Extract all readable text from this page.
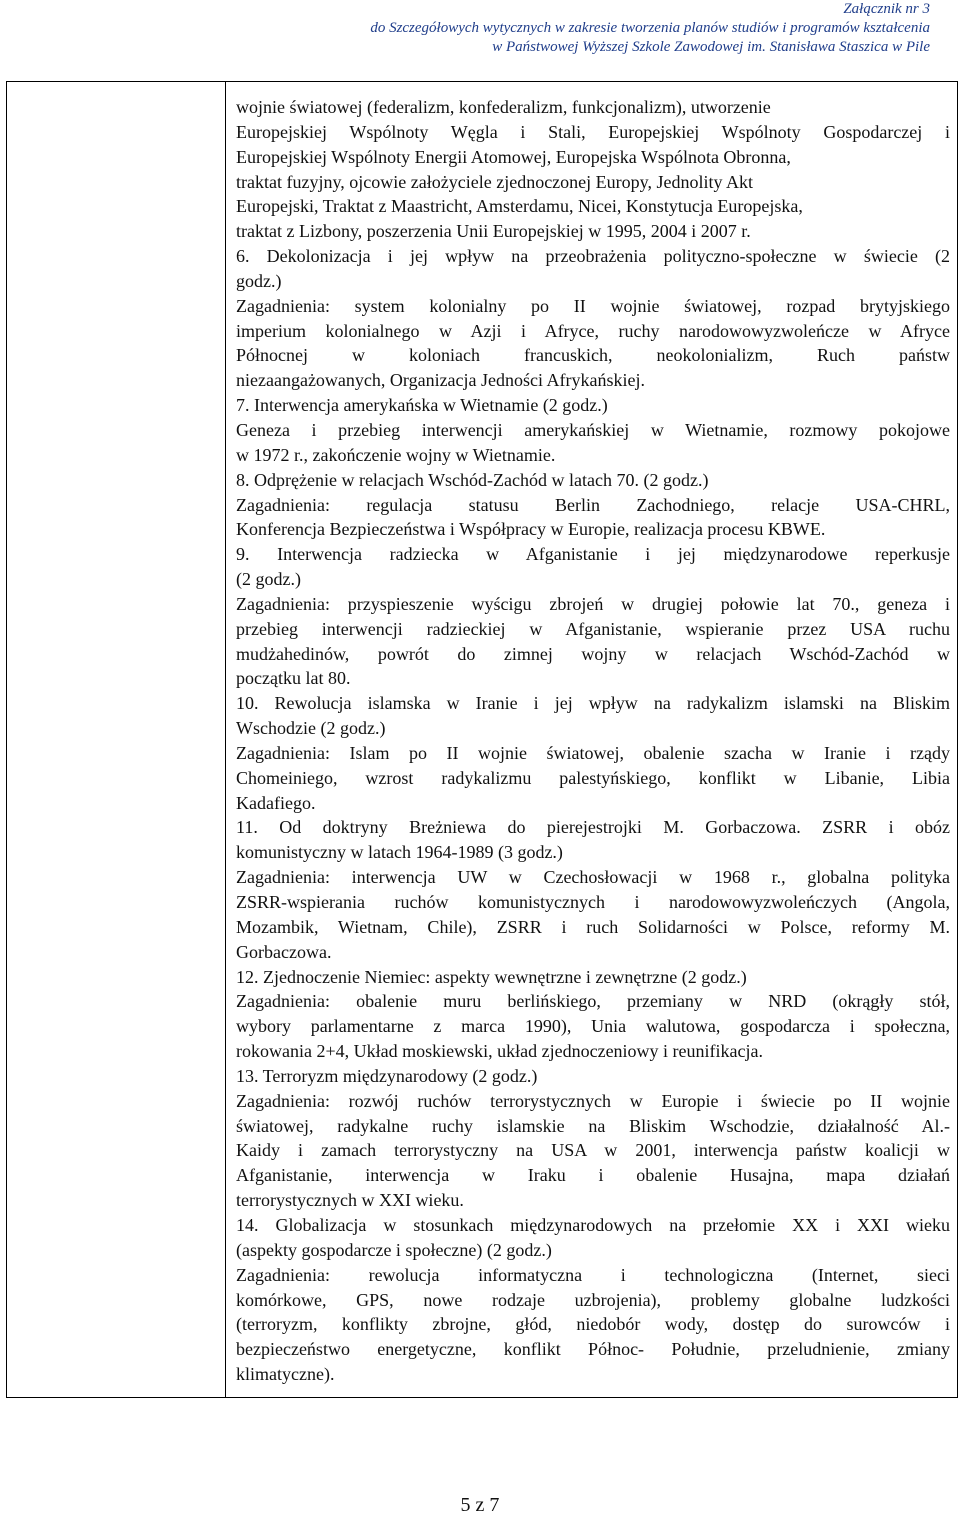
Załącznik nr 3
do Szczegółowych wytycznych w zakresie tworzenia planów studiów i programów kształcenia
w Państwowej Wyższej Szkole Zawodowej im. Stanisława Staszica w Pile
wojnie światowej (federalizm, konfederalizm, funkcjonalizm), utworzenie
Europejskiej Wspólnoty Węgla i Stali, Europejskiej Wspólnoty Gospodarczej i
Europejskiej Wspólnoty Energii Atomowej, Europejska Wspólnota Obronna,
traktat fuzyjny, ojcowie założyciele zjednoczonej Europy, Jednolity Akt
Europejski, Traktat z Maastricht, Amsterdamu, Nicei, Konstytucja Europejska,
traktat z Lizbony, poszerzenia Unii Europejskiej w 1995, 2004 i 2007 r.
6. Dekolonizacja i jej wpływ na przeobrażenia polityczno-społeczne w świecie (2
godz.)
Zagadnienia: system kolonialny po II wojnie światowej, rozpad brytyjskiego
imperium kolonialnego w Azji i Afryce, ruchy narodowowyzwoleńcze w Afryce
Północnej w koloniach francuskich, neokolonializm, Ruch państw
niezaangażowanych, Organizacja Jedności Afrykańskiej.
7. Interwencja amerykańska w Wietnamie (2 godz.)
Geneza i przebieg interwencji amerykańskiej w Wietnamie, rozmowy pokojowe
w 1972 r., zakończenie wojny w Wietnamie.
8. Odprężenie w relacjach Wschód-Zachód w latach 70. (2 godz.)
Zagadnienia: regulacja statusu Berlin Zachodniego, relacje USA-CHRL,
Konferencja Bezpieczeństwa i Współpracy w Europie, realizacja procesu KBWE.
9. Interwencja radziecka w Afganistanie i jej międzynarodowe reperkusje
(2 godz.)
Zagadnienia: przyspieszenie wyścigu zbrojeń w drugiej połowie lat 70., geneza i
przebieg interwencji radzieckiej w Afganistanie, wspieranie przez USA ruchu
mudżahedinów, powrót do zimnej wojny w relacjach Wschód-Zachód w
początku lat 80.
10. Rewolucja islamska w Iranie i jej wpływ na radykalizm islamski na Bliskim
Wschodzie (2 godz.)
Zagadnienia: Islam po II wojnie światowej, obalenie szacha w Iranie i rządy
Chomeiniego, wzrost radykalizmu palestyńskiego, konflikt w Libanie, Libia
Kadafiego.
11. Od doktryny Breżniewa do pierejestrojki M. Gorbaczowa. ZSRR i obóz
komunistyczny w latach 1964-1989 (3 godz.)
Zagadnienia: interwencja UW w Czechosłowacji w 1968 r., globalna polityka
ZSRR-wspierania ruchów komunistycznych i narodowowyzwoleńczych (Angola,
Mozambik, Wietnam, Chile), ZSRR i ruch Solidarności w Polsce, reformy M.
Gorbaczowa.
12. Zjednoczenie Niemiec: aspekty wewnętrzne i zewnętrzne (2 godz.)
Zagadnienia: obalenie muru berlińskiego, przemiany w NRD (okrągły stół,
wybory parlamentarne z marca 1990), Unia walutowa, gospodarcza i społeczna,
rokowania 2+4, Układ moskiewski, układ zjednoczeniowy i reunifikacja.
13. Terroryzm międzynarodowy (2 godz.)
Zagadnienia: rozwój ruchów terrorystycznych w Europie i świecie po II wojnie
światowej, radykalne ruchy islamskie na Bliskim Wschodzie, działalność Al.-
Kaidy i zamach terrorystyczny na USA w 2001, interwencja państw koalicji w
Afganistanie, interwencja w Iraku i obalenie Husajna, mapa działań
terrorystycznych w XXI wieku.
14. Globalizacja w stosunkach międzynarodowych na przełomie XX i XXI wieku
(aspekty gospodarcze i społeczne) (2 godz.)
Zagadnienia: rewolucja informatyczna i technologiczna (Internet, sieci
komórkowe, GPS, nowe rodzaje uzbrojenia), problemy globalne ludzkości
(terroryzm, konflikty zbrojne, głód, niedobór wody, dostęp do surowców i
bezpieczeństwo energetyczne, konflikt Północ- Południe, przeludnienie, zmiany
klimatyczne).
5 z 7
